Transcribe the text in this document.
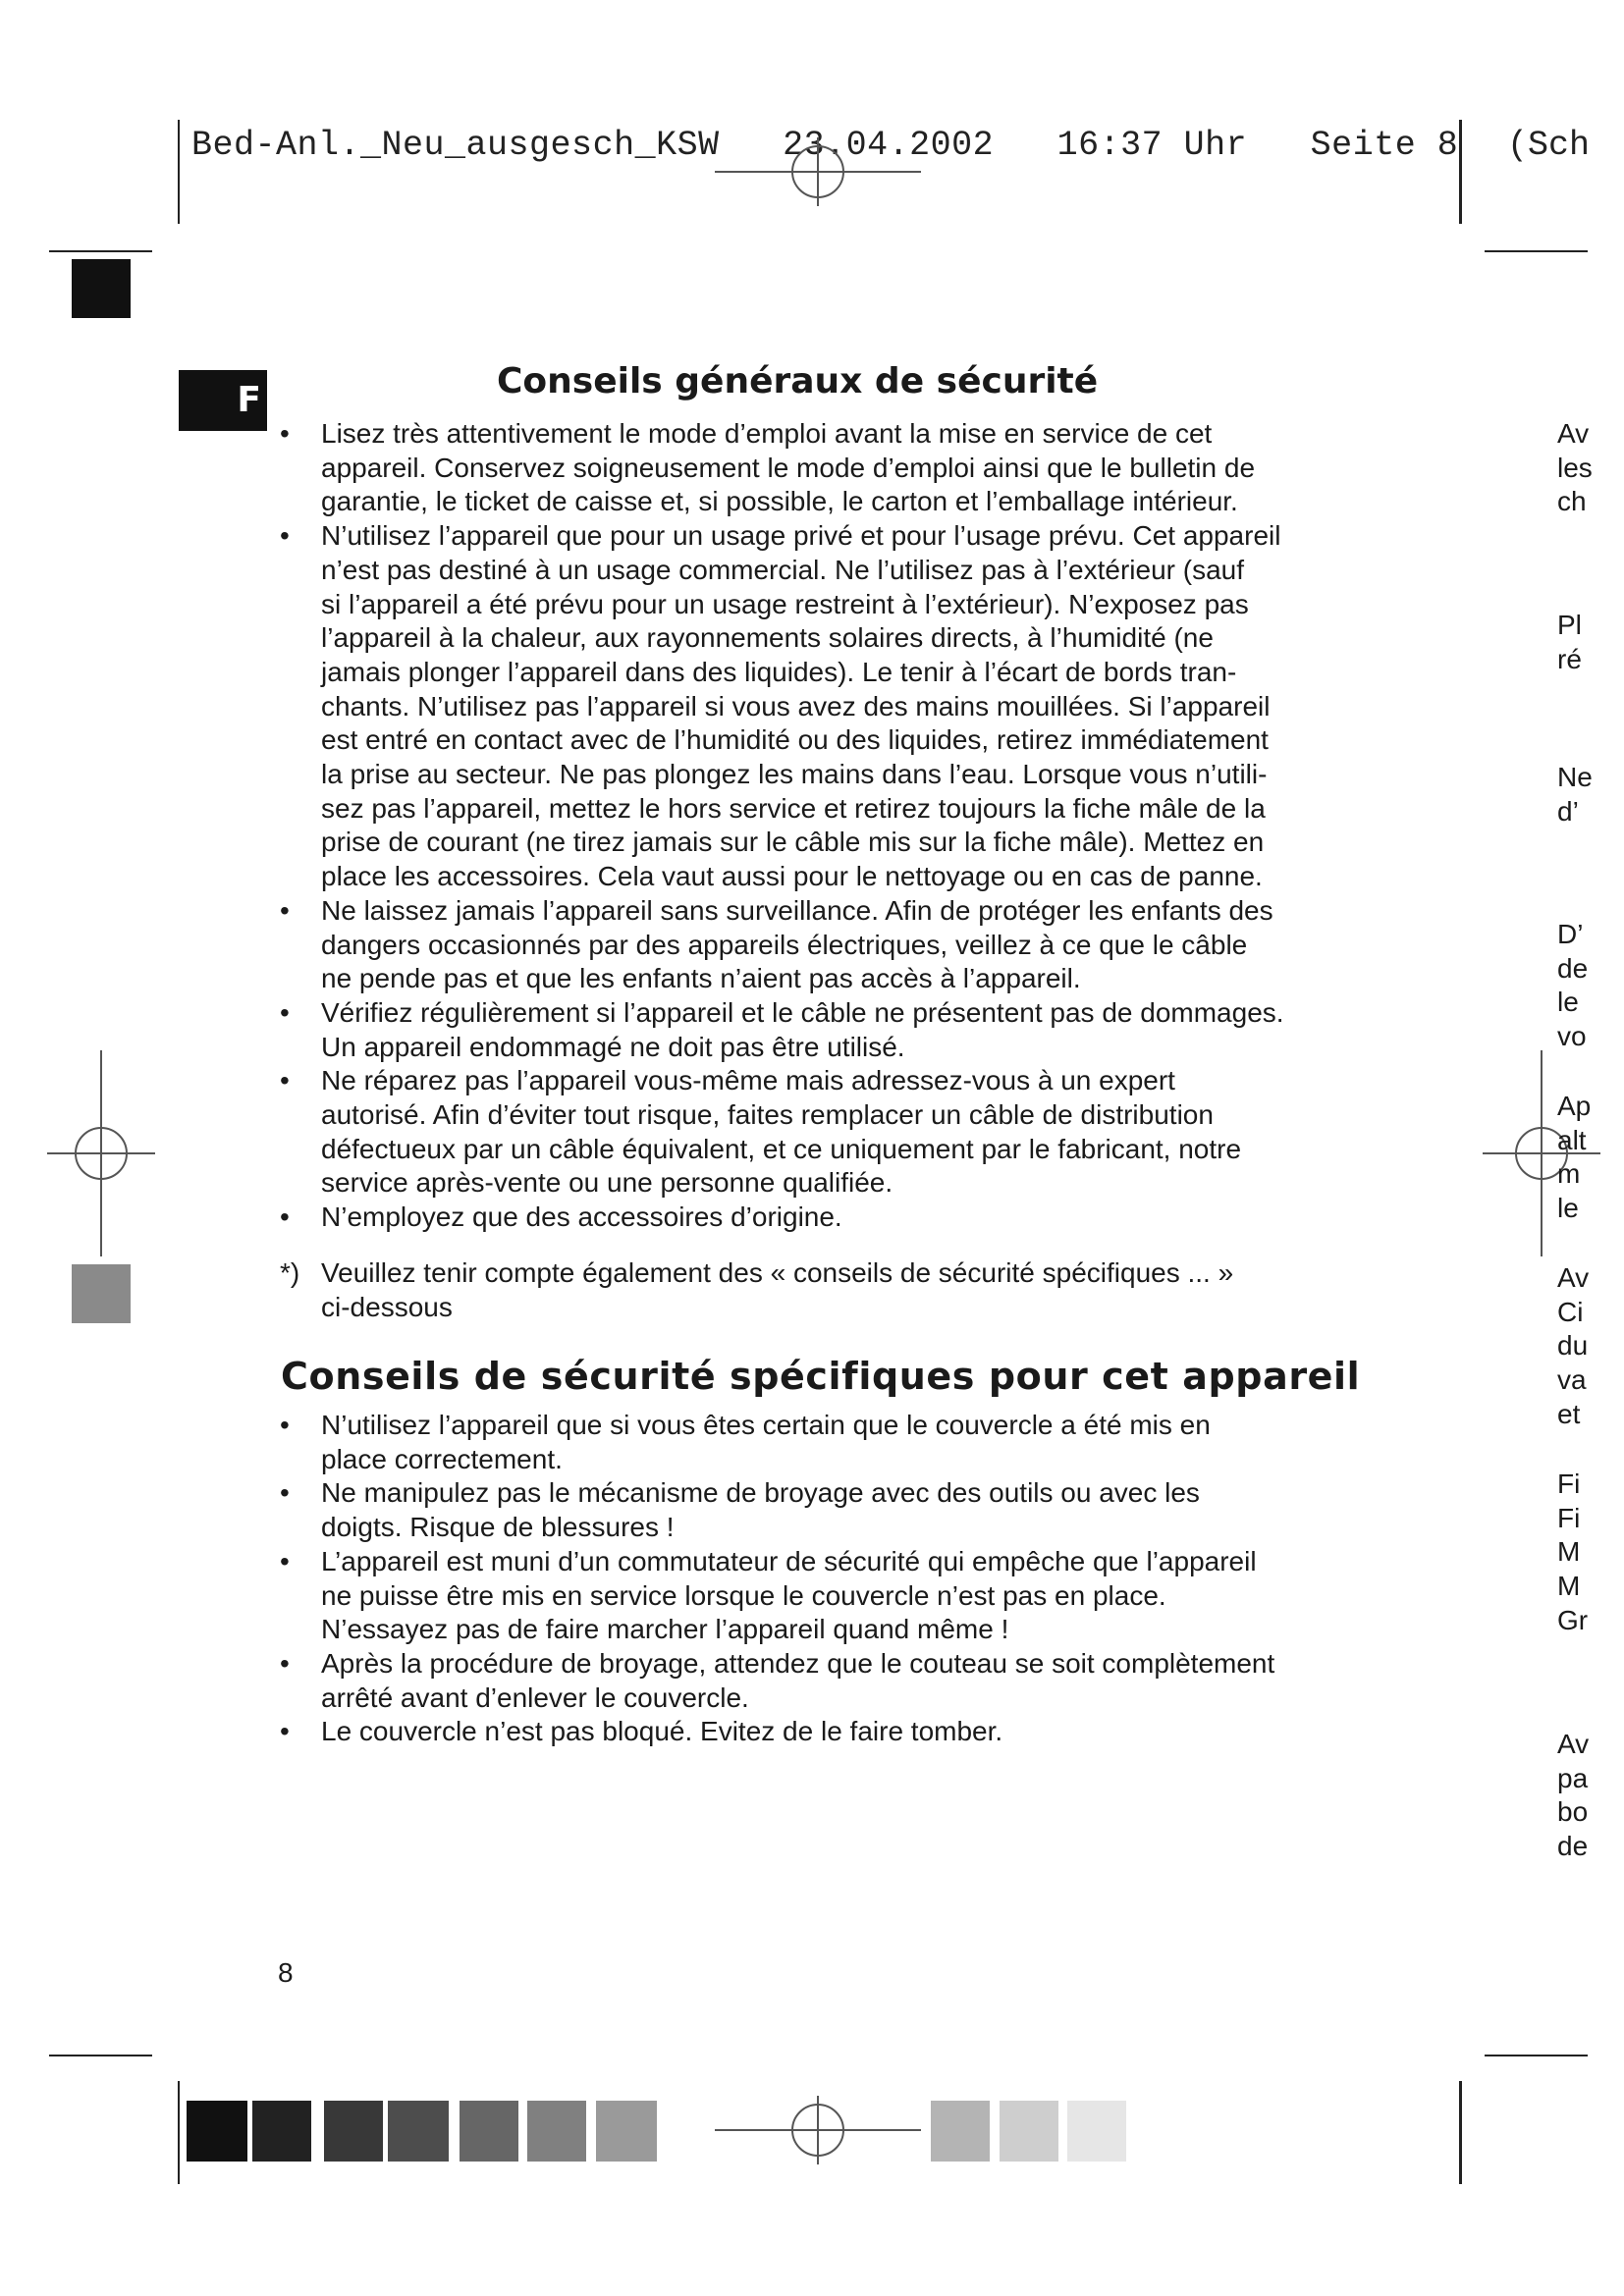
Bed-Anl._Neu_ausgesch_KSW   23.04.2002   16:37 Uhr   Seite 8 (Sch
F	Conseils généraux de sécurité
• Lisez très attentivement le mode d’emploi avant la mise en service de cet
appareil. Conservez soigneusement le mode d’emploi ainsi que le bulletin de
garantie, le ticket de caisse et, si possible, le carton et l’emballage intérieur.
• N’utilisez l’appareil que pour un usage privé et pour l’usage prévu. Cet appareil
n’est pas destiné à un usage commercial. Ne l’utilisez pas à l’extérieur (sauf
si l’appareil a été prévu pour un usage restreint à l’extérieur). N’exposez pas
l’appareil à la chaleur, aux rayonnements solaires directs, à l’humidité (ne
jamais plonger l’appareil dans des liquides). Le tenir à l’écart de bords tran-
chants. N’utilisez pas l’appareil si vous avez des mains mouillées. Si l’appareil
est entré en contact avec de l’humidité ou des liquides, retirez immédiatement
la prise au secteur. Ne pas plongez les mains dans l’eau. Lorsque vous n’utili-
sez pas l’appareil, mettez le hors service et retirez toujours la fiche mâle de la
prise de courant (ne tirez jamais sur le câble mis sur la fiche mâle). Mettez en
place les accessoires. Cela vaut aussi pour le nettoyage ou en cas de panne.
• Ne laissez jamais l’appareil sans surveillance. Afin de protéger les enfants des
dangers occasionnés par des appareils électriques, veillez à ce que le câble
ne pende pas et que les enfants n’aient pas accès à l’appareil.
• Vérifiez régulièrement si l’appareil et le câble ne présentent pas de dommages.
Un appareil endommagé ne doit pas être utilisé.
• Ne réparez pas l’appareil vous-même mais adressez-vous à un expert
autorisé. Afin d’éviter tout risque, faites remplacer un câble de distribution
défectueux par un câble équivalent, et ce uniquement par le fabricant, notre
service après-vente ou une personne qualifiée.
• N’employez que des accessoires d’origine.
*) Veuillez tenir compte également des « conseils de sécurité spécifiques ... »
ci-dessous
Conseils de sécurité spécifiques pour cet appareil
• N’utilisez l’appareil que si vous êtes certain que le couvercle a été mis en
place correctement.
• Ne manipulez pas le mécanisme de broyage avec des outils ou avec les
doigts. Risque de blessures !
• L’appareil est muni d’un commutateur de sécurité qui empêche que l’appareil
ne puisse être mis en service lorsque le couvercle n’est pas en place.
N’essayez pas de faire marcher l’appareil quand même !
• Après la procédure de broyage, attendez que le couteau se soit complètement
arrêté avant d’enlever le couvercle.
• Le couvercle n’est pas bloqué. Evitez de le faire tomber.
8
Av
les
ch
Pl
ré
Ne
d’
D’
de
le
vo
Ap
alt
m
le
Av
Ci
du
va
et
Fi
Fi
M
M
Gr
Av
pa
bo
de
